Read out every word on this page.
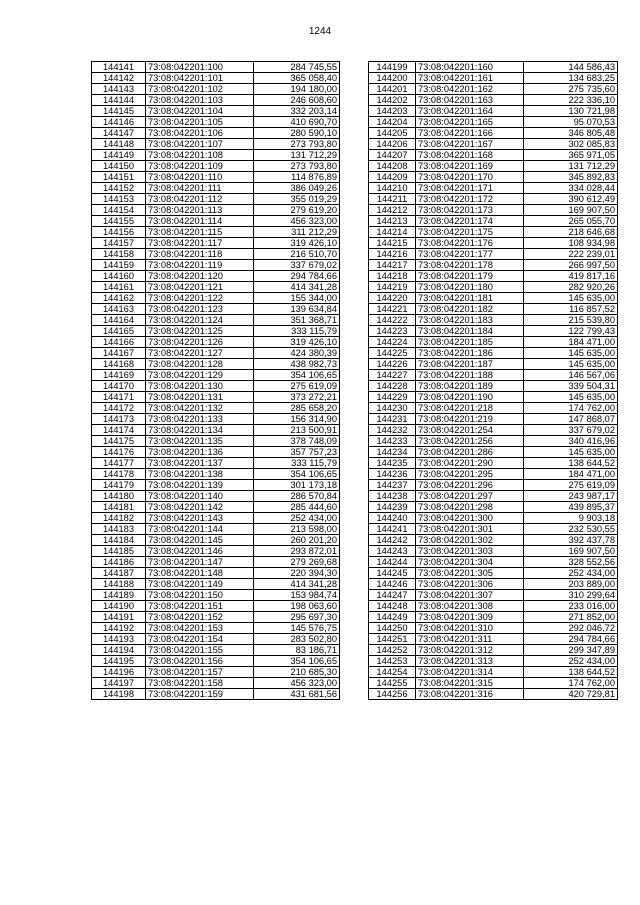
1244
144141	73:08:042201:100	284 745,55
144142	73:08:042201:101	365 058,40
144143	73:08:042201:102	194 180,00
144144	73:08:042201:103	246 608,60
144145	73:08:042201:104	332 203,14
144146	73:08:042201:105	410 690,70
144147	73:08:042201:106	280 590,10
144148	73:08:042201:107	273 793,80
144149	73:08:042201:108	131 712,29
144150	73:08:042201:109	273 793,80
144151	73:08:042201:110	114 876,89
144152	73:08:042201:111	386 049,26
144153	73:08:042201:112	355 019,29
144154	73:08:042201:113	279 619,20
144155	73:08:042201:114	456 323,00
144156	73:08:042201:115	311 212,29
144157	73:08:042201:117	319 426,10
144158	73:08:042201:118	216 510,70
144159	73:08:042201:119	337 679,02
144160	73:08:042201:120	294 784,66
144161	73:08:042201:121	414 341,28
144162	73:08:042201:122	155 344,00
144163	73:08:042201:123	139 634,84
144164	73:08:042201:124	351 368,71
144165	73:08:042201:125	333 115,79
144166	73:08:042201:126	319 426,10
144167	73:08:042201:127	424 380,39
144168	73:08:042201:128	438 982,73
144169	73:08:042201:129	354 106,65
144170	73:08:042201:130	275 619,09
144171	73:08:042201:131	373 272,21
144172	73:08:042201:132	285 658,20
144173	73:08:042201:133	156 314,90
144174	73:08:042201:134	213 500,91
144175	73:08:042201:135	378 748,09
144176	73:08:042201:136	357 757,23
144177	73:08:042201:137	333 115,79
144178	73:08:042201:138	354 106,65
144179	73:08:042201:139	301 173,18
144180	73:08:042201:140	286 570,84
144181	73:08:042201:142	285 444,60
144182	73:08:042201:143	252 434,00
144183	73:08:042201:144	213 598,00
144184	73:08:042201:145	260 201,20
144185	73:08:042201:146	293 872,01
144186	73:08:042201:147	279 269,68
144187	73:08:042201:148	220 394,30
144188	73:08:042201:149	414 341,28
144189	73:08:042201:150	153 984,74
144190	73:08:042201:151	198 063,60
144191	73:08:042201:152	295 697,30
144192	73:08:042201:153	145 576,75
144193	73:08:042201:154	283 502,80
144194	73:08:042201:155	83 186,71
144195	73:08:042201:156	354 106,65
144196	73:08:042201:157	210 685,30
144197	73:08:042201:158	456 323,00
144198	73:08:042201:159	431 681,56
144199	73:08:042201:160	144 586,43
144200	73:08:042201:161	134 683,25
144201	73:08:042201:162	275 735,60
144202	73:08:042201:163	222 336,10
144203	73:08:042201:164	130 721,98
144204	73:08:042201:165	95 070,53
144205	73:08:042201:166	346 805,48
144206	73:08:042201:167	302 085,83
144207	73:08:042201:168	365 971,05
144208	73:08:042201:169	131 712,29
144209	73:08:042201:170	345 892,83
144210	73:08:042201:171	334 028,44
144211	73:08:042201:172	390 612,49
144212	73:08:042201:173	169 907,50
144213	73:08:042201:174	265 055,70
144214	73:08:042201:175	218 646,68
144215	73:08:042201:176	108 934,98
144216	73:08:042201:177	222 239,01
144217	73:08:042201:178	266 997,50
144218	73:08:042201:179	419 817,16
144219	73:08:042201:180	282 920,26
144220	73:08:042201:181	145 635,00
144221	73:08:042201:182	116 857,52
144222	73:08:042201:183	215 539,80
144223	73:08:042201:184	122 799,43
144224	73:08:042201:185	184 471,00
144225	73:08:042201:186	145 635,00
144226	73:08:042201:187	145 635,00
144227	73:08:042201:188	146 567,06
144228	73:08:042201:189	339 504,31
144229	73:08:042201:190	145 635,00
144230	73:08:042201:218	174 762,00
144231	73:08:042201:219	147 868,07
144232	73:08:042201:254	337 679,02
144233	73:08:042201:256	340 416,96
144234	73:08:042201:286	145 635,00
144235	73:08:042201:290	138 644,52
144236	73:08:042201:295	184 471,00
144237	73:08:042201:296	275 619,09
144238	73:08:042201:297	243 987,17
144239	73:08:042201:298	439 895,37
144240	73:08:042201:300	9 903,18
144241	73:08:042201:301	232 530,55
144242	73:08:042201:302	392 437,78
144243	73:08:042201:303	169 907,50
144244	73:08:042201:304	328 552,56
144245	73:08:042201:305	252 434,00
144246	73:08:042201:306	203 889,00
144247	73:08:042201:307	310 299,64
144248	73:08:042201:308	233 016,00
144249	73:08:042201:309	271 852,00
144250	73:08:042201:310	292 046,72
144251	73:08:042201:311	294 784,66
144252	73:08:042201:312	299 347,89
144253	73:08:042201:313	252 434,00
144254	73:08:042201:314	138 644,52
144255	73:08:042201:315	174 762,00
144256	73:08:042201:316	420 729,81
